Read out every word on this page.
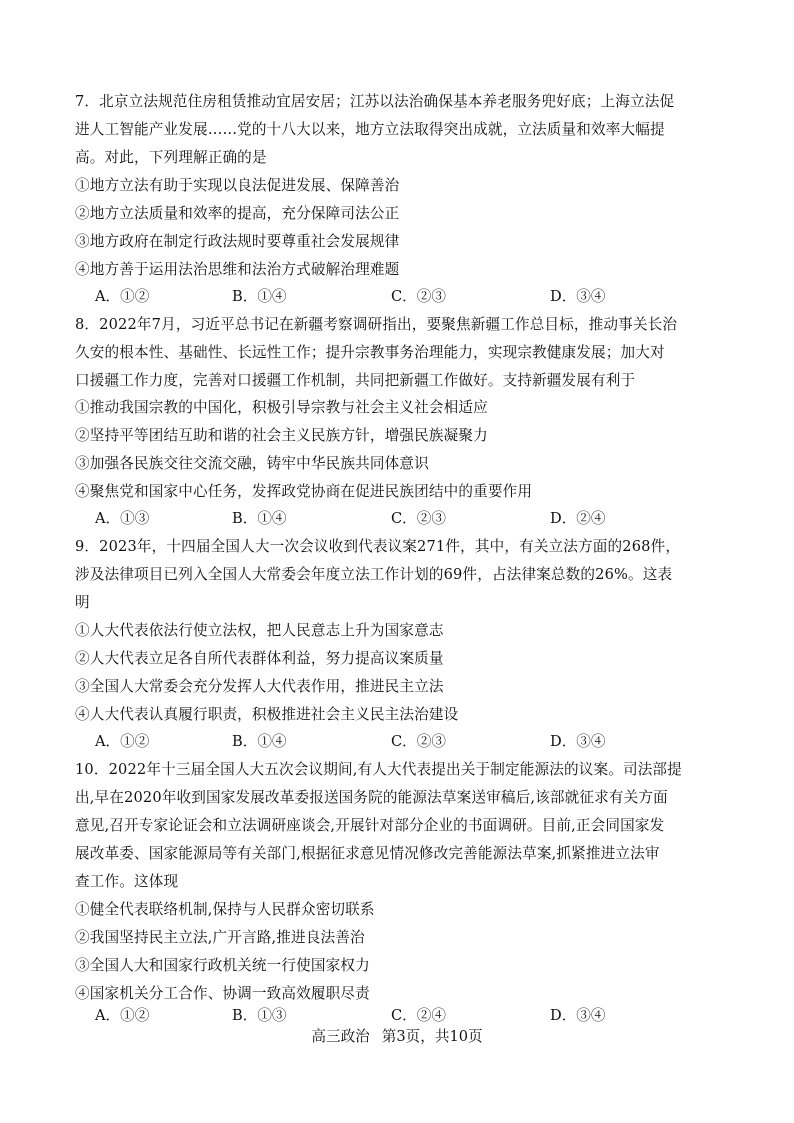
7．北京立法规范住房租赁推动宜居安居；江苏以法治确保基本养老服务兜好底；上海立法促
进人工智能产业发展……党的十八大以来，地方立法取得突出成就，立法质量和效率大幅提
高。对此，下列理解正确的是
①地方立法有助于实现以良法促进发展、保障善治
②地方立法质量和效率的提高，充分保障司法公正
③地方政府在制定行政法规时要尊重社会发展规律
④地方善于运用法治思维和法治方式破解治理难题
A．①②	B．①④	C．②③	D．③④
8．2022年7月，习近平总书记在新疆考察调研指出，要聚焦新疆工作总目标，推动事关长治
久安的根本性、基础性、长远性工作；提升宗教事务治理能力，实现宗教健康发展；加大对
口援疆工作力度，完善对口援疆工作机制，共同把新疆工作做好。支持新疆发展有利于
①推动我国宗教的中国化，积极引导宗教与社会主义社会相适应
②坚持平等团结互助和谐的社会主义民族方针，增强民族凝聚力
③加强各民族交往交流交融，铸牢中华民族共同体意识
④聚焦党和国家中心任务，发挥政党协商在促进民族团结中的重要作用
A．①③	B．①④	C．②③	D．②④
9．2023年，十四届全国人大一次会议收到代表议案271件，其中，有关立法方面的268件，
涉及法律项目已列入全国人大常委会年度立法工作计划的69件，占法律案总数的26%。这表
明
①人大代表依法行使立法权，把人民意志上升为国家意志
②人大代表立足各自所代表群体利益，努力提高议案质量
③全国人大常委会充分发挥人大代表作用，推进民主立法
④人大代表认真履行职责，积极推进社会主义民主法治建设
A．①②	B．①④	C．②③	D．③④
10．2022年十三届全国人大五次会议期间,有人大代表提出关于制定能源法的议案。司法部提
出,早在2020年收到国家发展改革委报送国务院的能源法草案送审稿后,该部就征求有关方面
意见,召开专家论证会和立法调研座谈会,开展针对部分企业的书面调研。目前,正会同国家发
展改革委、国家能源局等有关部门,根据征求意见情况修改完善能源法草案,抓紧推进立法审
查工作。这体现
①健全代表联络机制,保持与人民群众密切联系
②我国坚持民主立法,广开言路,推进良法善治
③全国人大和国家行政机关统一行使国家权力
④国家机关分工合作、协调一致高效履职尽责
A．①②	B．①③	C．②④	D．③④
高三政治 第3页，共10页
